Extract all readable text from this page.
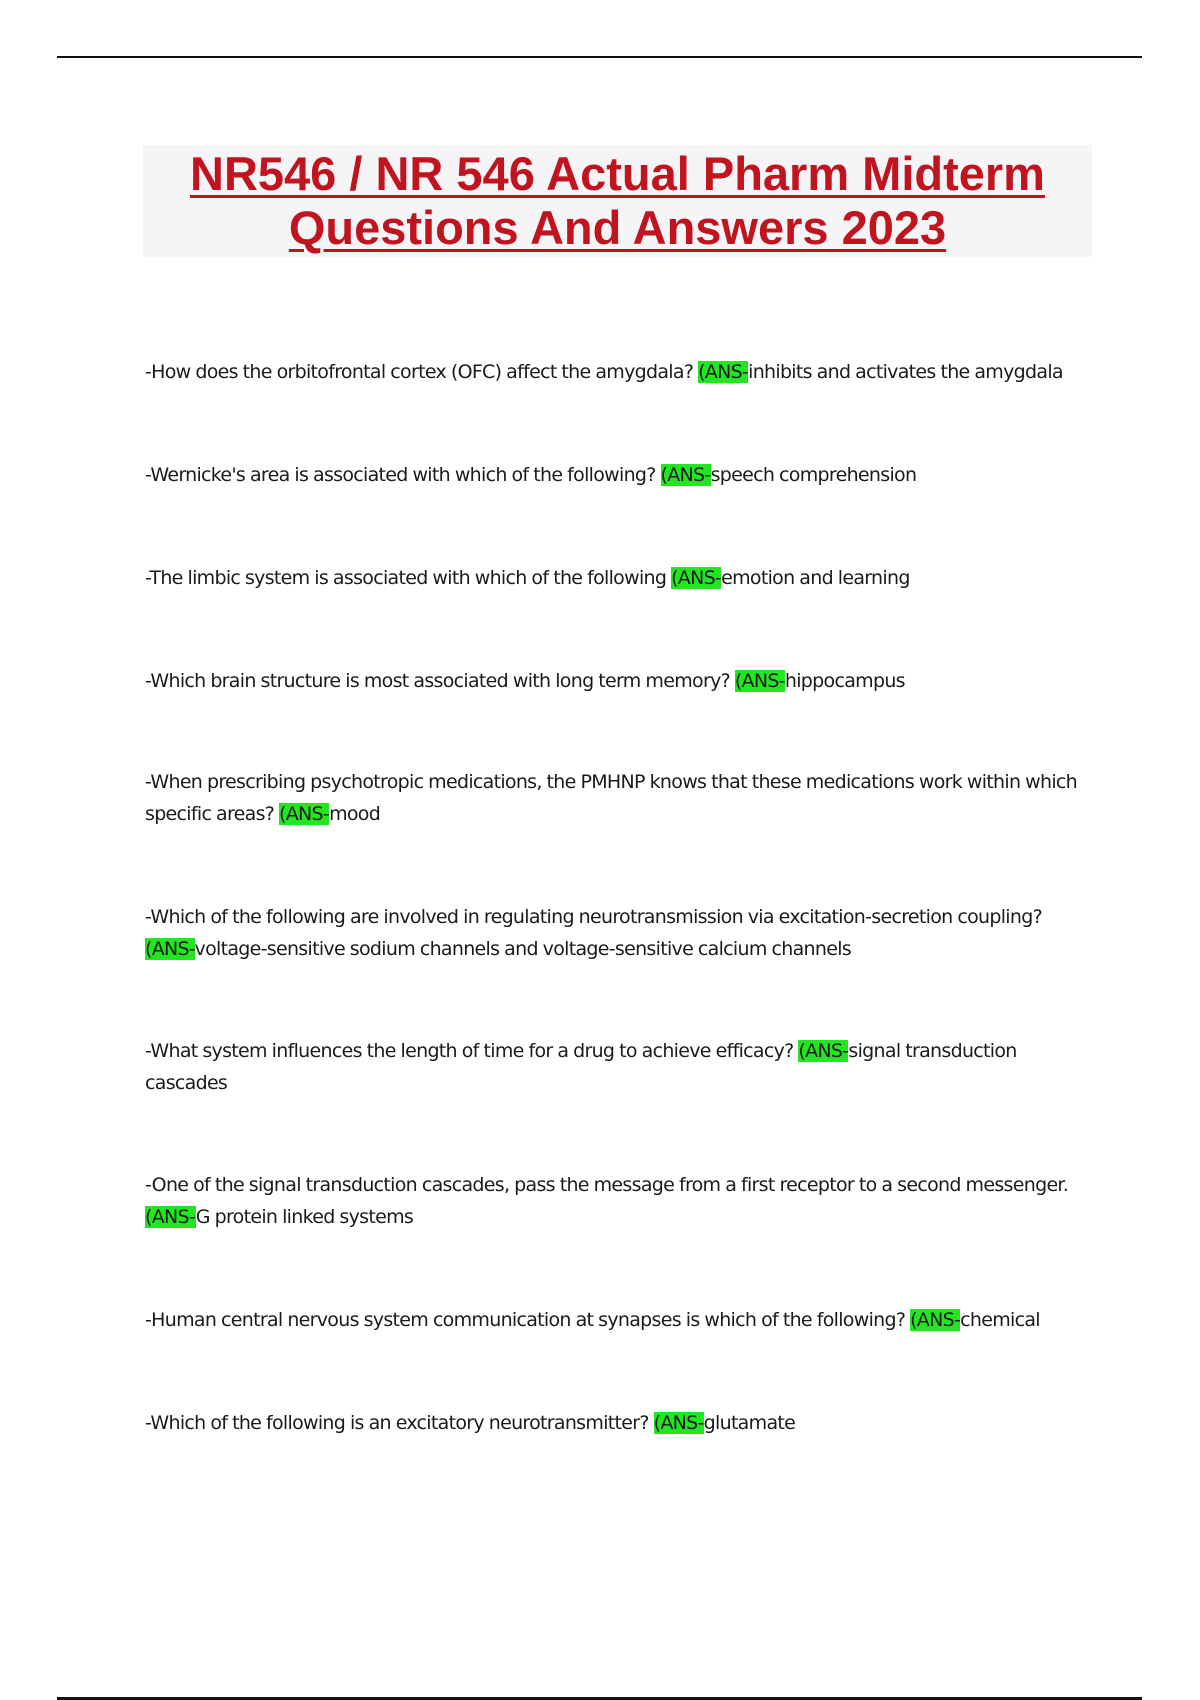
NR546 / NR 546 Actual Pharm Midterm
Questions And Answers 2023
-How does the orbitofrontal cortex (OFC) affect the amygdala? (ANS-inhibits and activates the amygdala
-Wernicke's area is associated with which of the following? (ANS-speech comprehension
-The limbic system is associated with which of the following (ANS-emotion and learning
-Which brain structure is most associated with long term memory? (ANS-hippocampus
-When prescribing psychotropic medications, the PMHNP knows that these medications work within which specific areas? (ANS-mood
-Which of the following are involved in regulating neurotransmission via excitation-secretion coupling? (ANS-voltage-sensitive sodium channels and voltage-sensitive calcium channels
-What system influences the length of time for a drug to achieve efficacy? (ANS-signal transduction cascades
-One of the signal transduction cascades, pass the message from a first receptor to a second messenger. (ANS-G protein linked systems
-Human central nervous system communication at synapses is which of the following? (ANS-chemical
-Which of the following is an excitatory neurotransmitter? (ANS-glutamate
